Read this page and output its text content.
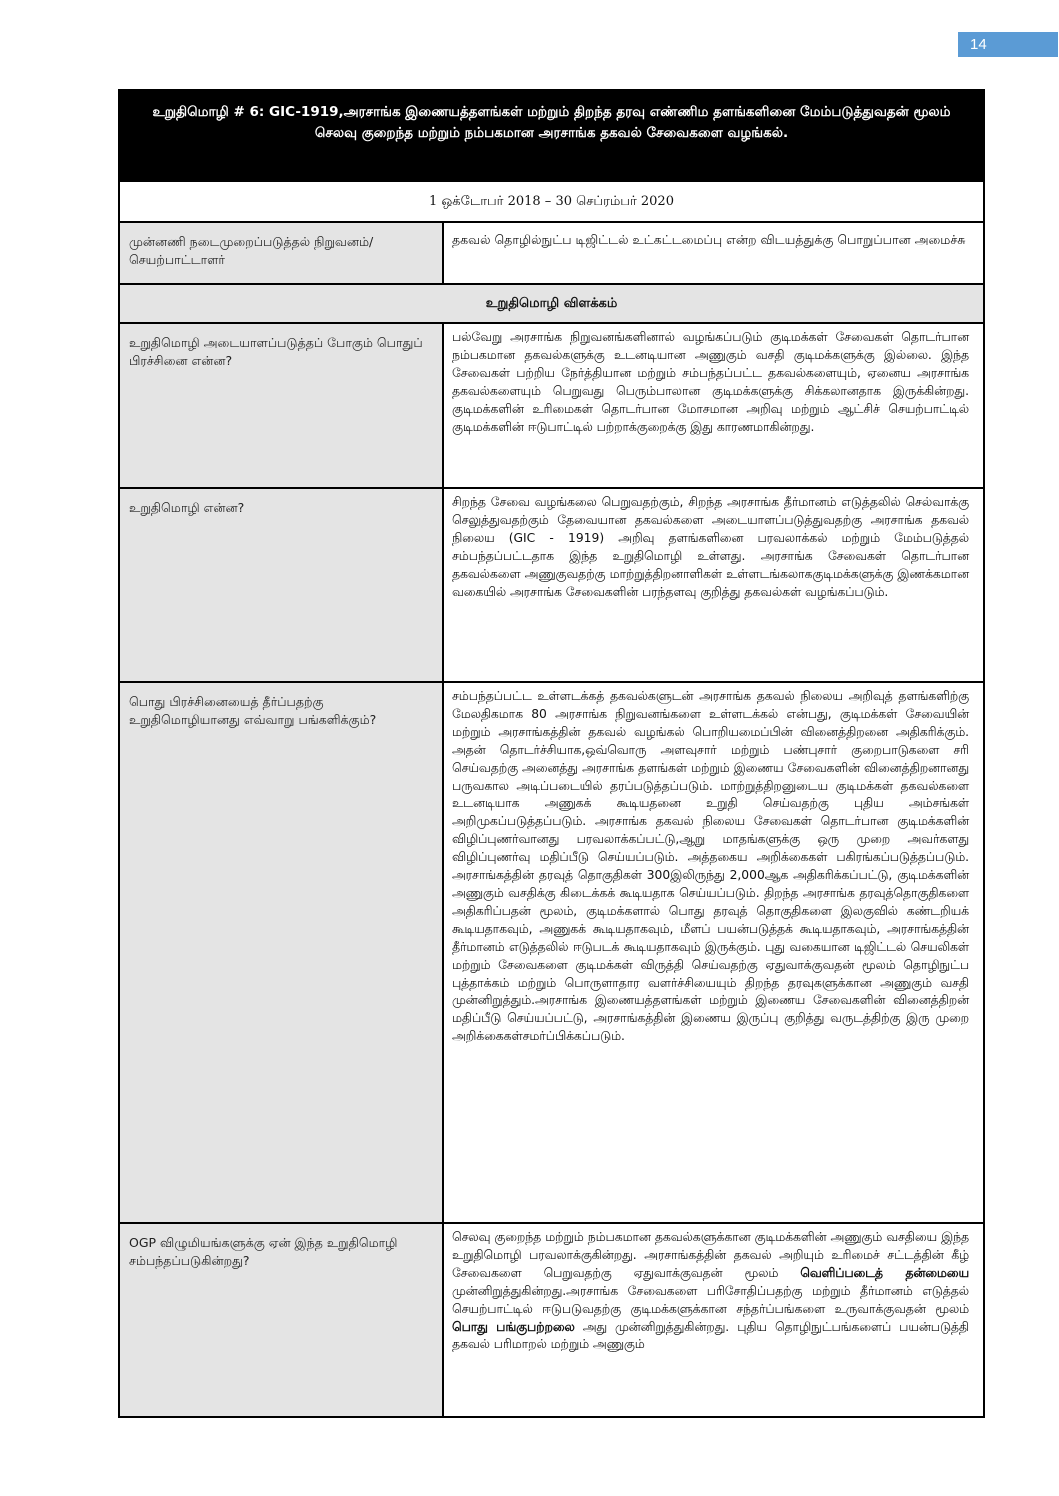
14
உறுதிமொழி # 6: GIC-1919,அரசாங்க இணையத்தளங்கள் மற்றும் திறந்த தரவு எண்ணிம தளங்களினை மேம்படுத்துவதன் மூலம் செலவு குறைந்த மற்றும் நம்பகமான அரசாங்க தகவல் சேவைகளை வழங்கல்.
1 ஒக்டோபர் 2018 – 30 செப்ரம்பர் 2020
முன்னணி நடைமுறைப்படுத்தல் நிறுவனம்/செயற்பாட்டாளர்
தகவல் தொழில்நுட்ப டிஜிட்டல் உட்கட்டமைப்பு என்ற விடயத்துக்கு பொறுப்பான அமைச்சு
உறுதிமொழி விளக்கம்
உறுதிமொழி அடையாளப்படுத்தப் போகும் பொதுப் பிரச்சினை என்ன?
பல்வேறு அரசாங்க நிறுவனங்களினால் வழங்கப்படும் குடிமக்கள் சேவைகள் தொடர்பான நம்பகமான தகவல்களுக்கு உடனடியான அணுகும் வசதி குடிமக்களுக்கு இல்லை. இந்த சேவைகள் பற்றிய நேர்த்தியான மற்றும் சம்பந்தப்பட்ட தகவல்களையும், ஏனைய அரசாங்க தகவல்களையும் பெறுவது பெரும்பாலான குடிமக்களுக்கு சிக்கலானதாக இருக்கின்றது. குடிமக்களின் உரிமைகள் தொடர்பான மோசமான அறிவு மற்றும் ஆட்சிச் செயற்பாட்டில் குடிமக்களின் ஈடுபாட்டில் பற்றாக்குறைக்கு இது காரணமாகின்றது.
உறுதிமொழி என்ன?	சிறந்த சேவை வழங்கலை பெறுவதற்கும், சிறந்த அரசாங்க தீர்மானம் எடுத்தலில் செல்வாக்கு செலுத்துவதற்கும் தேவையான தகவல்களை அடையாளப்படுத்துவதற்கு அரசாங்க தகவல் நிலைய (GIC - 1919) அறிவு தளங்களினை பரவலாக்கல் மற்றும் மேம்படுத்தல் சம்பந்தப்பட்டதாக இந்த உறுதிமொழி உள்ளது. அரசாங்க சேவைகள் தொடர்பான தகவல்களை அணுகுவதற்கு மாற்றுத்திறனாளிகள் உள்ளடங்கலாககுடிமக்களுக்கு இணக்கமான வகையில் அரசாங்க சேவைகளின் பரந்தளவு குறித்து தகவல்கள் வழங்கப்படும்.
பொது பிரச்சினையைத் தீர்ப்பதற்கு உறுதிமொழியானது எவ்வாறு பங்களிக்கும்?
சம்பந்தப்பட்ட உள்ளடக்கத் தகவல்களுடன் அரசாங்க தகவல் நிலைய அறிவுத் தளங்களிற்கு மேலதிகமாக 80 அரசாங்க நிறுவனங்களை உள்ளடக்கல் என்பது, குடிமக்கள் சேவையின் மற்றும் அரசாங்கத்தின் தகவல் வழங்கல் பொறியமைப்பின் வினைத்திறனை அதிகரிக்கும். அதன் தொடர்ச்சியாக,ஒவ்வொரு அளவுசார் மற்றும் பண்புசார் குறைபாடுகளை சரி செய்வதற்கு அனைத்து அரசாங்க தளங்கள் மற்றும் இணைய சேவைகளின் வினைத்திறனானது பருவகால அடிப்படையில் தரப்படுத்தப்படும். மாற்றுத்திறனுடைய குடிமக்கள் தகவல்களை உடனடியாக அணுகக் கூடியதனை உறுதி செய்வதற்கு புதிய அம்சங்கள் அறிமுகப்படுத்தப்படும். அரசாங்க தகவல் நிலைய சேவைகள் தொடர்பான குடிமக்களின் விழிப்புணர்வானது பரவலாக்கப்பட்டு,ஆறு மாதங்களுக்கு ஒரு முறை அவர்களது விழிப்புணர்வு மதிப்பீடு செய்யப்படும். அத்தகைய அறிக்கைகள் பகிரங்கப்படுத்தப்படும். அரசாங்கத்தின் தரவுத் தொகுதிகள் 300இலிருந்து 2,000ஆக அதிகரிக்கப்பட்டு, குடிமக்களின் அணுகும் வசதிக்கு கிடைக்கக் கூடியதாக செய்யப்படும். திறந்த அரசாங்க தரவுத்தொகுதிகளை அதிகரிப்பதன் மூலம், குடிமக்களால் பொது தரவுத் தொகுதிகளை இலகுவில் கண்டறியக் கூடியதாகவும், அணுகக் கூடியதாகவும், மீளப் பயன்படுத்தக் கூடியதாகவும், அரசாங்கத்தின் தீர்மானம் எடுத்தலில் ஈடுபடக் கூடியதாகவும் இருக்கும். புது வகையான டிஜிட்டல் செயலிகள் மற்றும் சேவைகளை குடிமக்கள் விருத்தி செய்வதற்கு ஏதுவாக்குவதன் மூலம் தொழிநுட்ப புத்தாக்கம் மற்றும் பொருளாதார வளர்ச்சியையும் திறந்த தரவுகளுக்கான அணுகும் வசதி முன்னிறுத்தும்.அரசாங்க இணையத்தளங்கள் மற்றும் இணைய சேவைகளின் வினைத்திறன் மதிப்பீடு செய்யப்பட்டு, அரசாங்கத்தின் இணைய இருப்பு குறித்து வருடத்திற்கு இரு முறை அறிக்கைகள்சமர்ப்பிக்கப்படும்.
OGP விழுமியங்களுக்கு ஏன் இந்த உறுதிமொழி சம்பந்தப்படுகின்றது?
செலவு குறைந்த மற்றும் நம்பகமான தகவல்களுக்கான குடிமக்களின் அணுகும் வசதியை இந்த உறுதிமொழி பரவலாக்குகின்றது. அரசாங்கத்தின் தகவல் அறியும் உரிமைச் சட்டத்தின் கீழ் சேவைகளை பெறுவதற்கு ஏதுவாக்குவதன் மூலம் வெளிப்படைத் தன்மையை முன்னிறுத்துகின்றது.அரசாங்க சேவைகளை பரிசோதிப்பதற்கு மற்றும் தீர்மானம் எடுத்தல் செயற்பாட்டில் ஈடுபடுவதற்கு குடிமக்களுக்கான சந்தர்ப்பங்களை உருவாக்குவதன் மூலம் பொது பங்குபற்றலை அது முன்னிறுத்துகின்றது. புதிய தொழிநுட்பங்களைப் பயன்படுத்தி தகவல் பரிமாறல் மற்றும் அணுகும்
